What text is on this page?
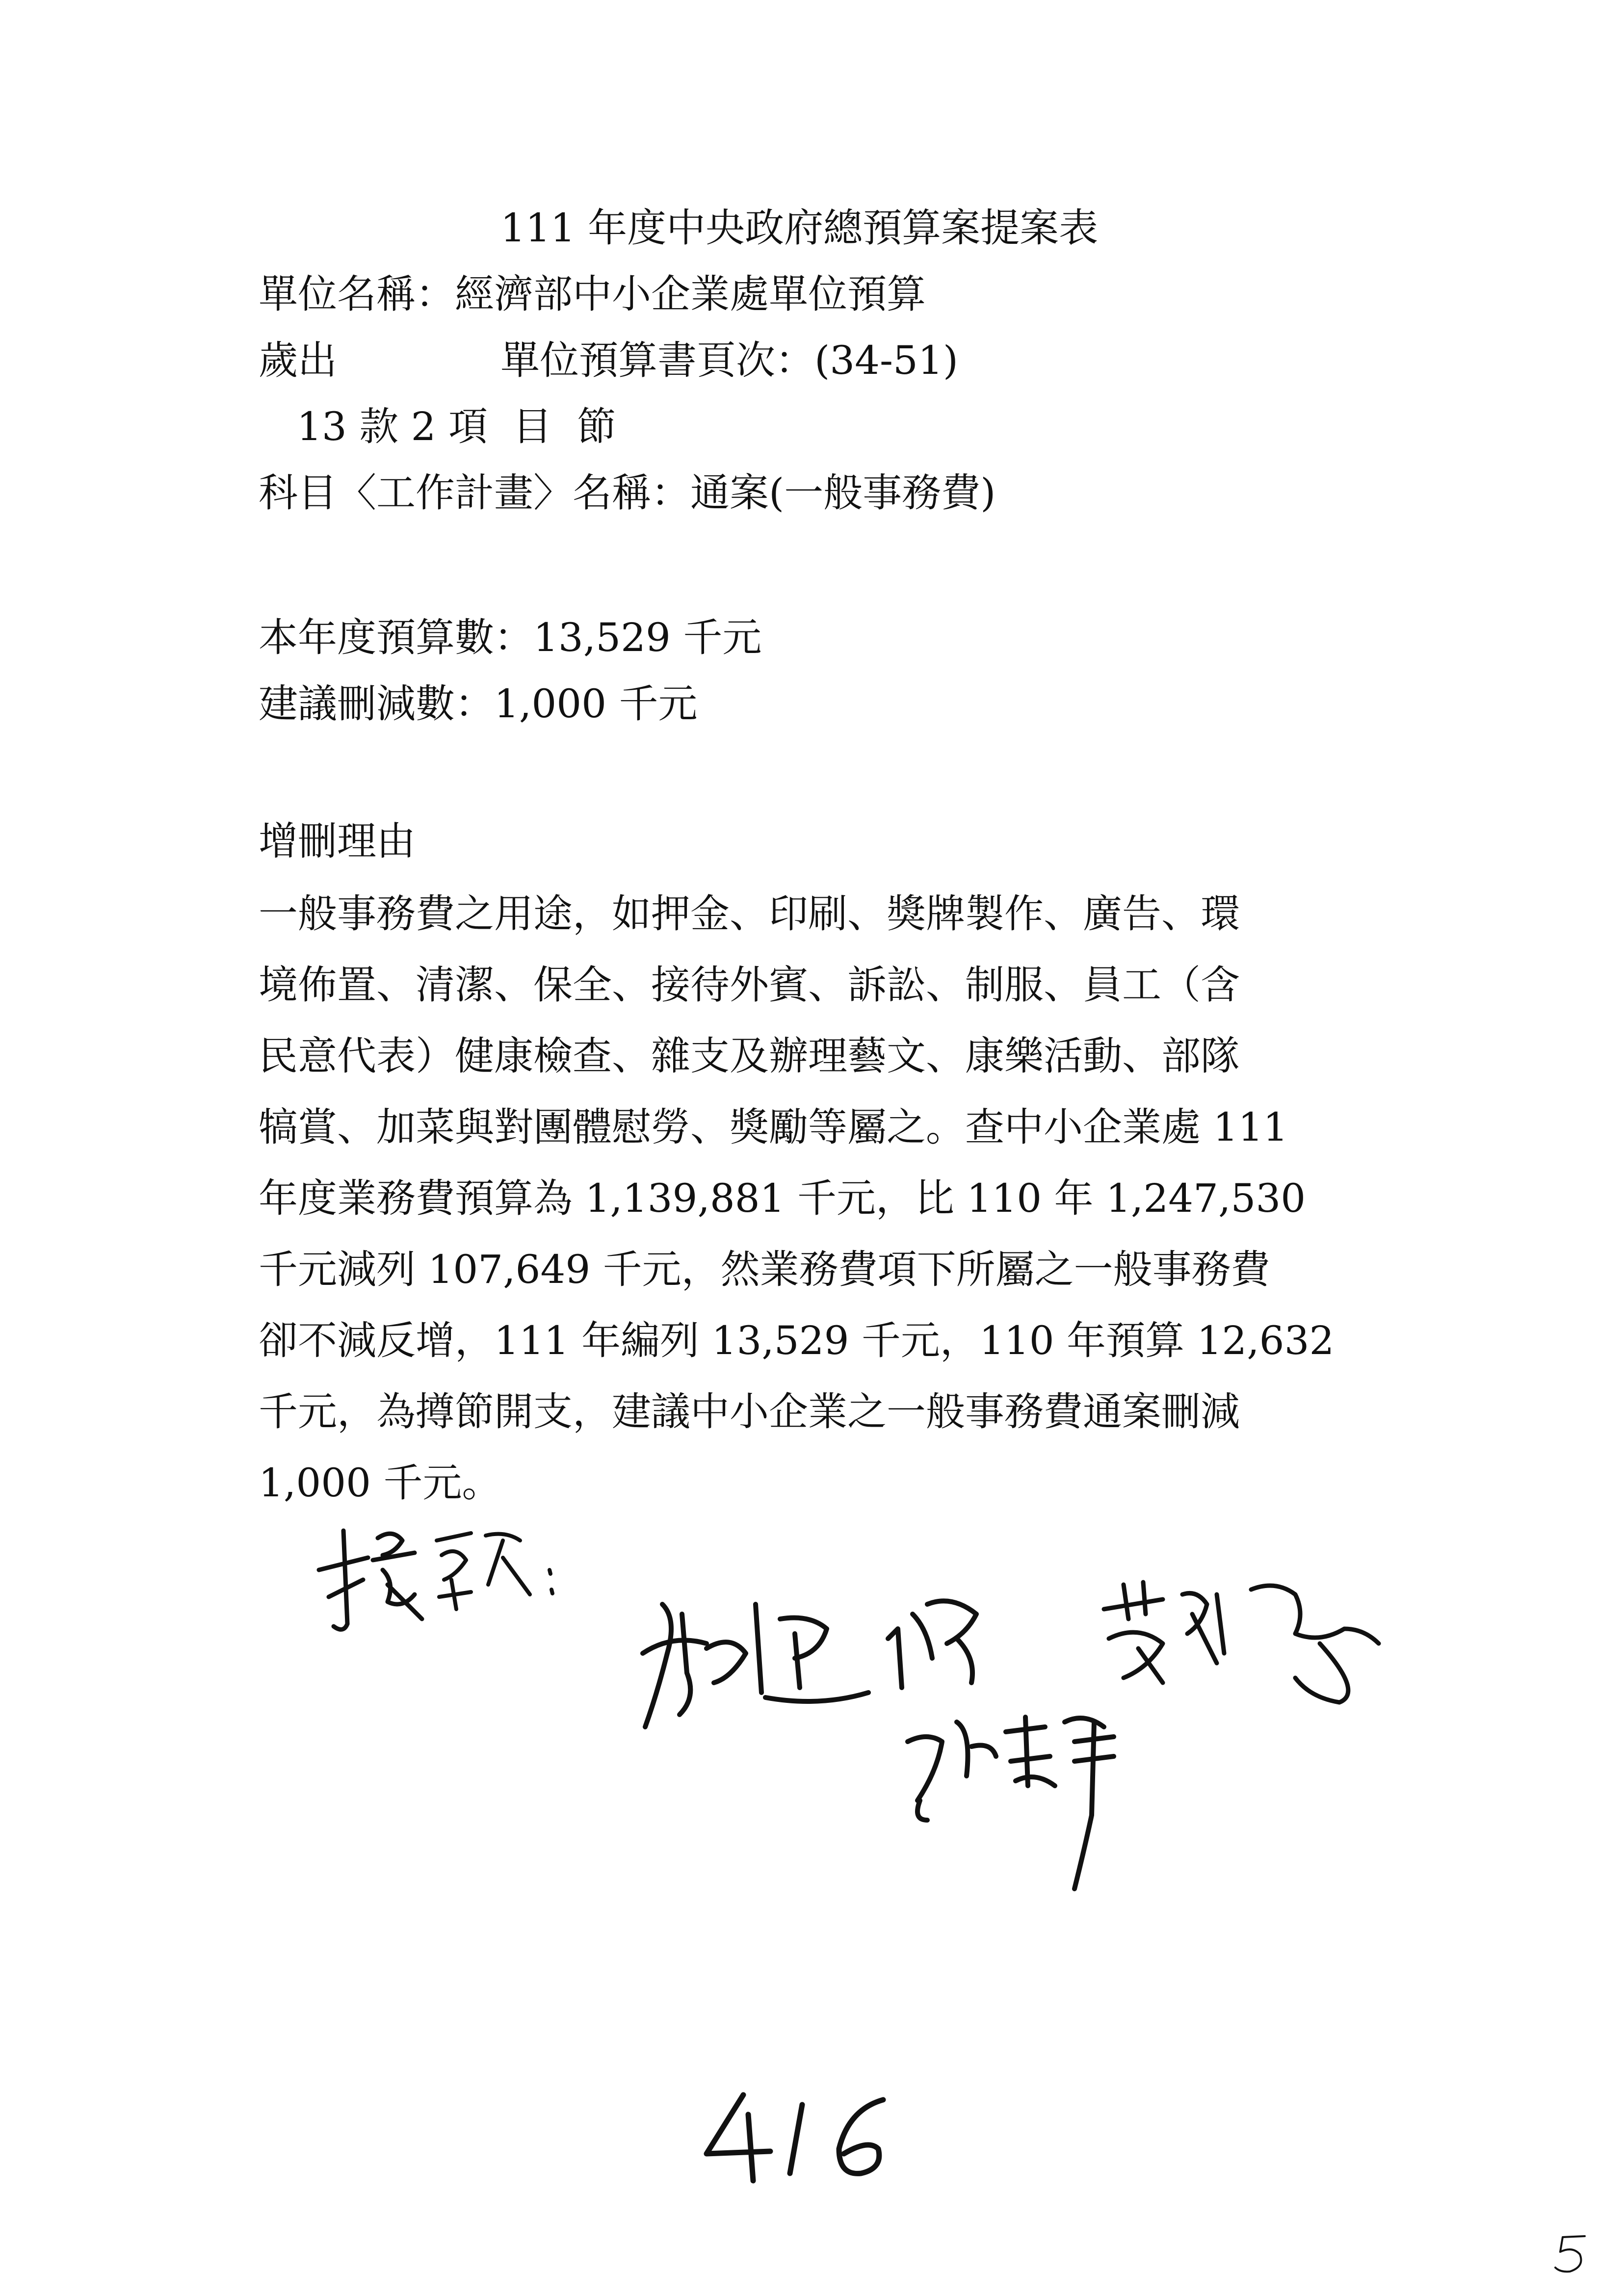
111 年度中央政府總預算案提案表
單位名稱：經濟部中小企業處單位預算
歲出	單位預算書頁次：(34-51)
13 款 2 項  目  節
科目〈工作計畫〉名稱：通案(一般事務費)
本年度預算數：13,529 千元
建議刪減數：1,000 千元
增刪理由
一般事務費之用途，如押金、印刷、獎牌製作、廣告、環
境佈置、清潔、保全、接待外賓、訴訟、制服、員工（含
民意代表）健康檢查、雜支及辦理藝文、康樂活動、部隊
犒賞、加菜與對團體慰勞、獎勵等屬之。查中小企業處 111
年度業務費預算為 1,139,881 千元，比 110 年 1,247,530
千元減列 107,649 千元，然業務費項下所屬之一般事務費
卻不減反增，111 年編列 13,529 千元，110 年預算 12,632
千元，為撙節開支，建議中小企業之一般事務費通案刪減
1,000 千元。
